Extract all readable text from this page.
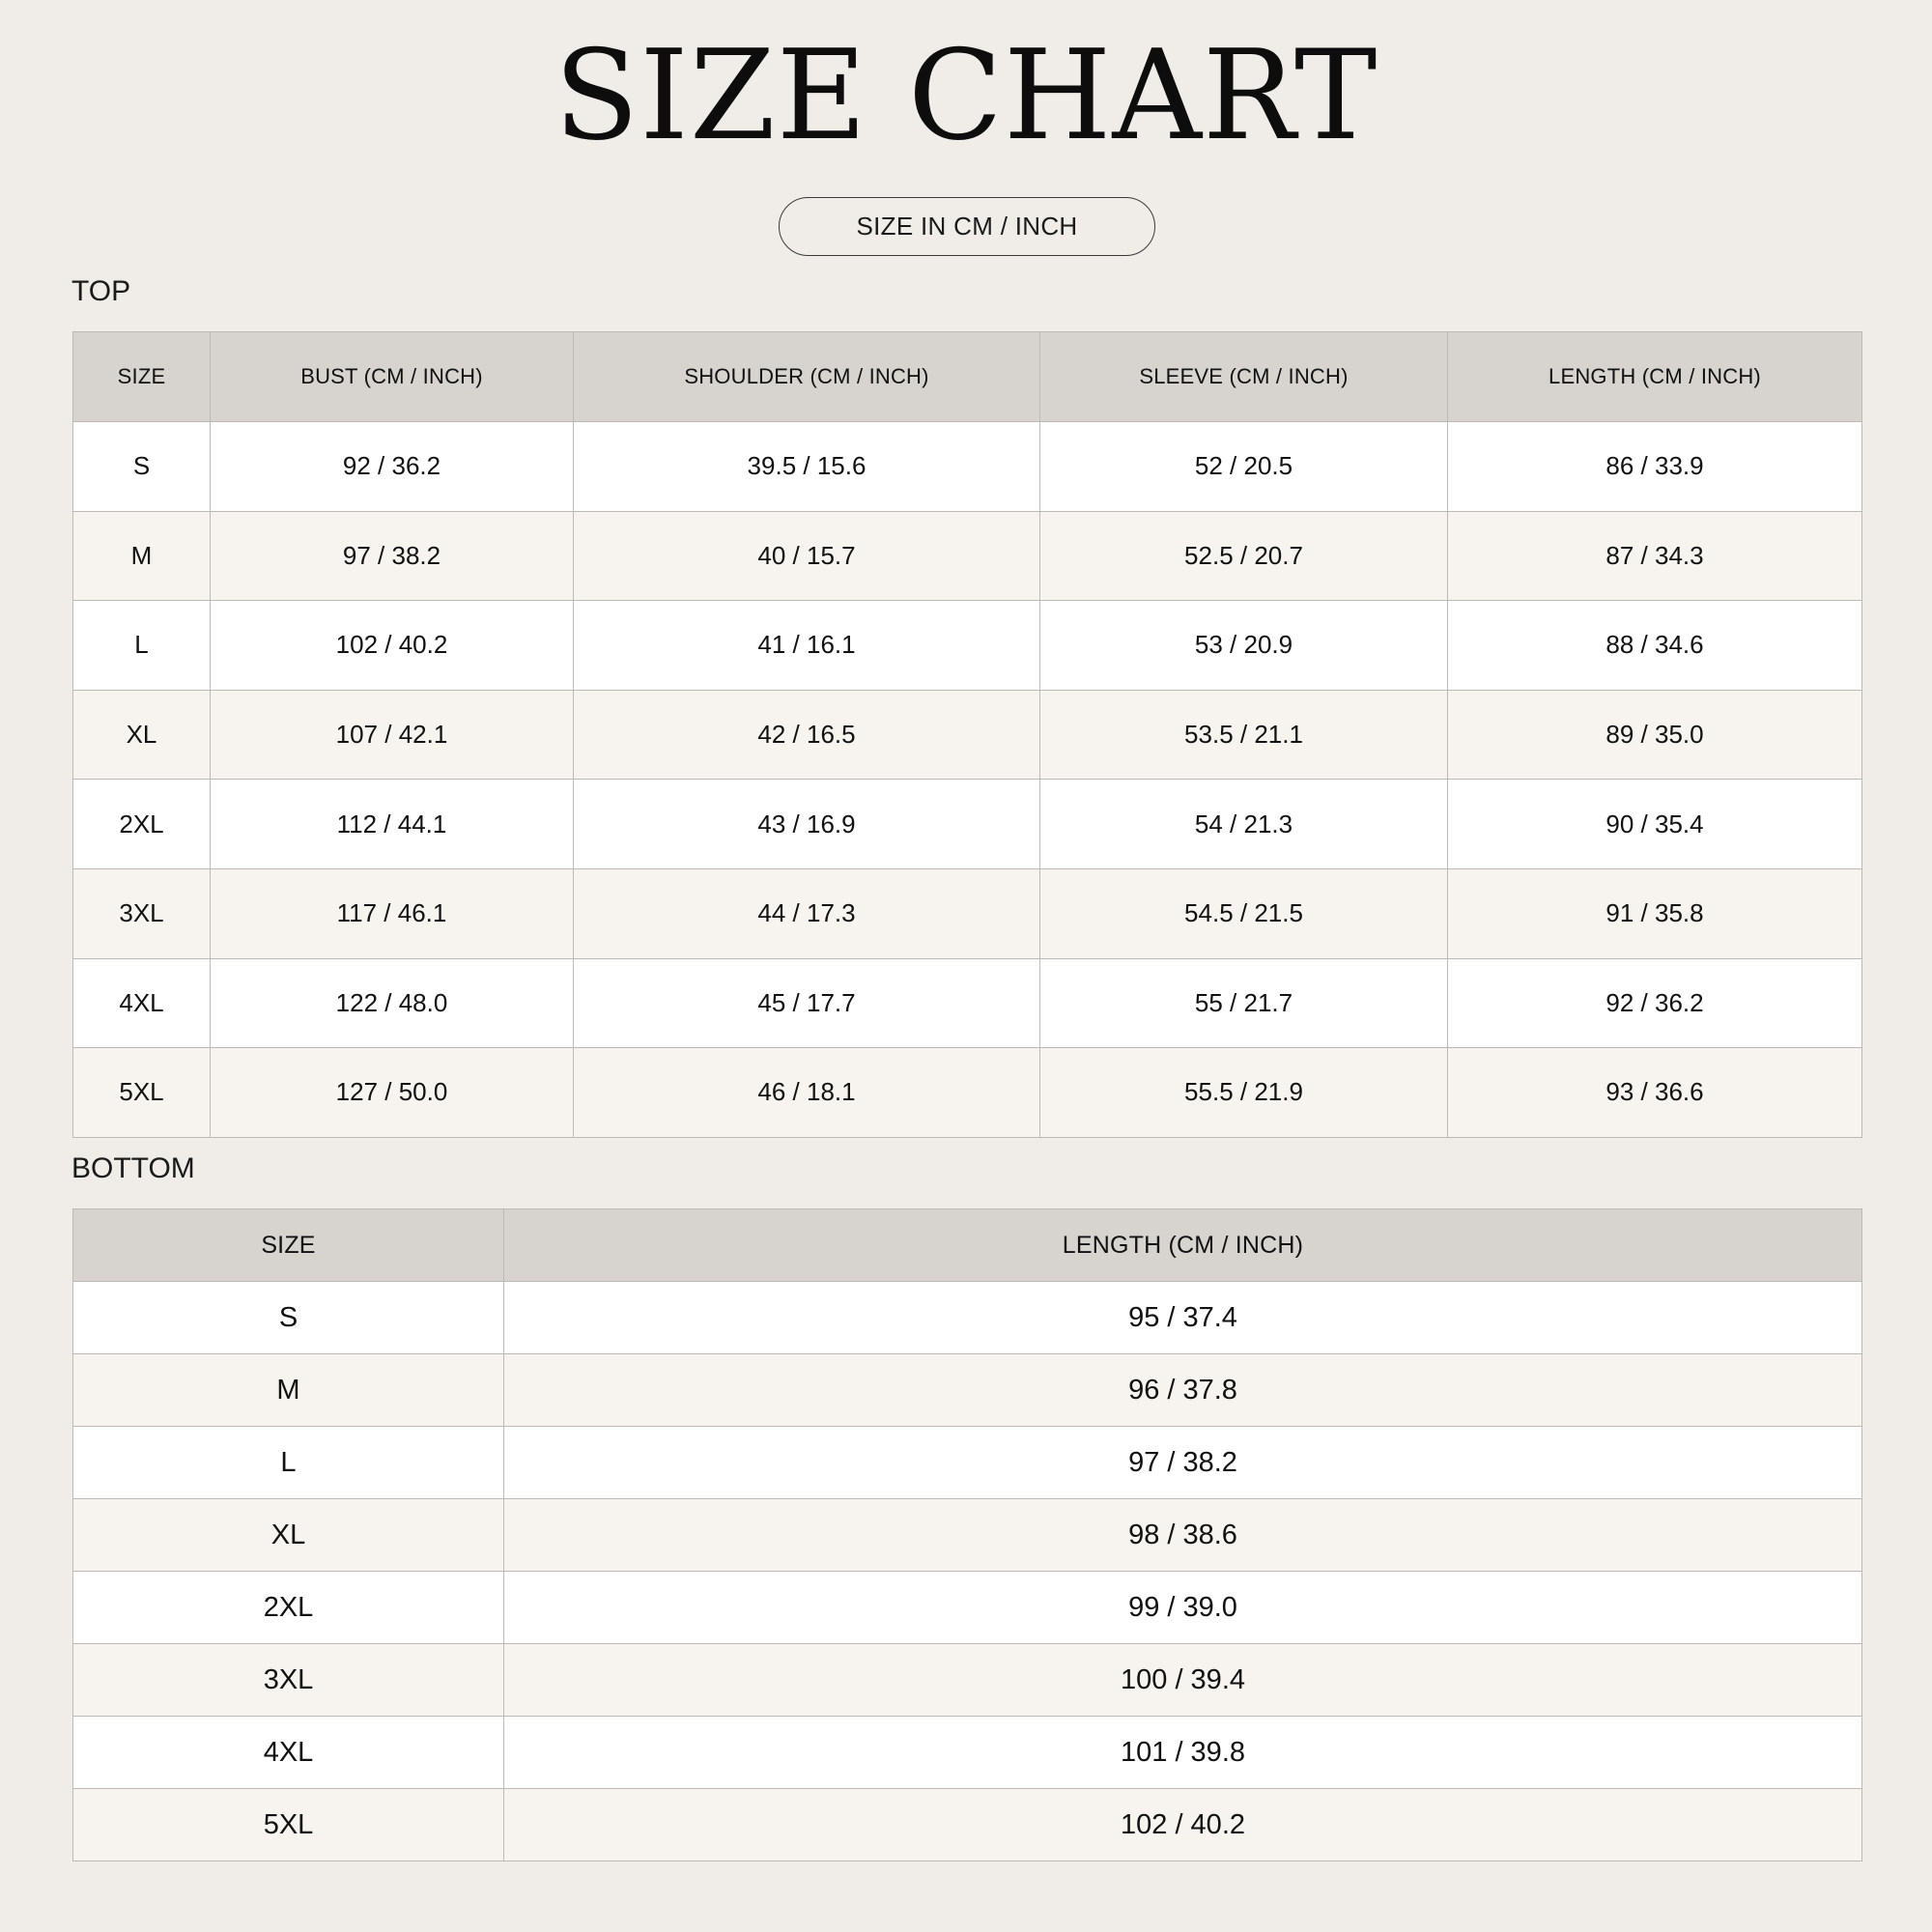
SIZE CHART
SIZE IN CM / INCH
TOP
SIZE	BUST (CM / INCH)	SHOULDER (CM / INCH)	SLEEVE (CM / INCH)	LENGTH (CM / INCH)
S	92 / 36.2	39.5 / 15.6	52 / 20.5	86 / 33.9
M	97 / 38.2	40 / 15.7	52.5 / 20.7	87 / 34.3
L	102 / 40.2	41 / 16.1	53 / 20.9	88 / 34.6
XL	107 / 42.1	42 / 16.5	53.5 / 21.1	89 / 35.0
2XL	112 / 44.1	43 / 16.9	54 / 21.3	90 / 35.4
3XL	117 / 46.1	44 / 17.3	54.5 / 21.5	91 / 35.8
4XL	122 / 48.0	45 / 17.7	55 / 21.7	92 / 36.2
5XL	127 / 50.0	46 / 18.1	55.5 / 21.9	93 / 36.6
BOTTOM
SIZE	LENGTH (CM / INCH)
S	95 / 37.4
M	96 / 37.8
L	97 / 38.2
XL	98 / 38.6
2XL	99 / 39.0
3XL	100 / 39.4
4XL	101 / 39.8
5XL	102 / 40.2
